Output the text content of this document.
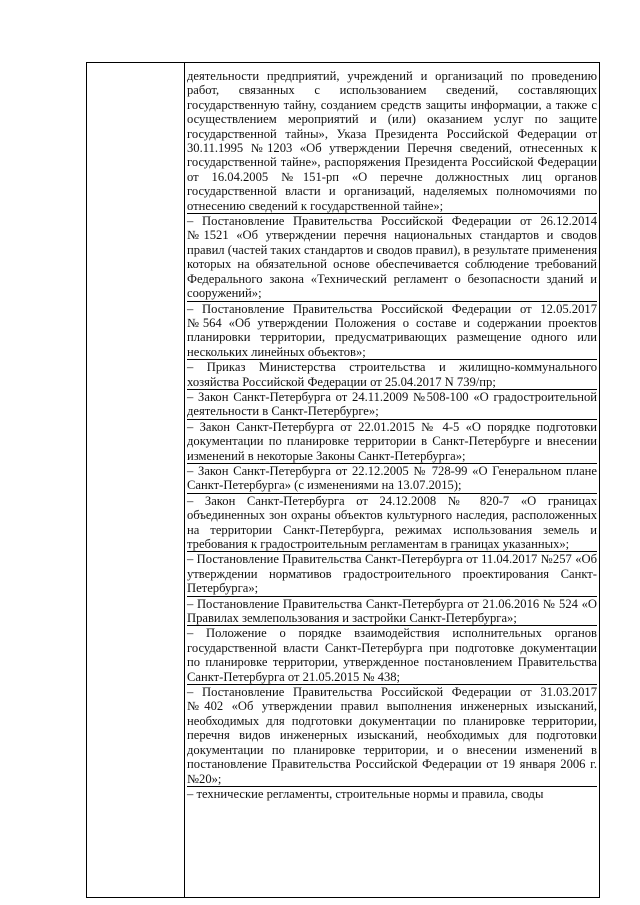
деятельности предприятий, учреждений и организаций по проведению работ, связанных с использованием сведений, составляющих государственную тайну, созданием средств защиты информации, а также с осуществлением мероприятий и (или) оказанием услуг по защите государственной тайны», Указа Президента Российской Федерации от 30.11.1995 №1203 «Об утверждении Перечня сведений, отнесенных к государственной тайне», распоряжения Президента Российской Федерации от 16.04.2005 №151-рп «О перечне должностных лиц органов государственной власти и организаций, наделяемых полномочиями по отнесению сведений к государственной тайне»;

– Постановление Правительства Российской Федерации от 26.12.2014 №1521 «Об утверждении перечня национальных стандартов и сводов правил (частей таких стандартов и сводов правил), в результате применения которых на обязательной основе обеспечивается соблюдение требований Федерального закона «Технический регламент о безопасности зданий и сооружений»;

– Постановление Правительства Российской Федерации от 12.05.2017 №564 «Об утверждении Положения о составе и содержании проектов планировки территории, предусматривающих размещение одного или нескольких линейных объектов»;

– Приказ Министерства строительства и жилищно-коммунального хозяйства Российской Федерации от 25.04.2017 N 739/пр;

– Закон Санкт-Петербурга от 24.11.2009 №508-100 «О градостроительной деятельности в Санкт-Петербурге»;

– Закон Санкт-Петербурга от 22.01.2015 № 4-5 «О порядке подготовки документации по планировке территории в Санкт-Петербурге и внесении изменений в некоторые Законы Санкт-Петербурга»;

– Закон Санкт-Петербурга от 22.12.2005 № 728-99 «О Генеральном плане Санкт-Петербурга» (с изменениями на 13.07.2015);

– Закон Санкт-Петербурга от 24.12.2008 № 820-7 «О границах объединенных зон охраны объектов культурного наследия, расположенных на территории Санкт-Петербурга, режимах использования земель и требования к градостроительным регламентам в границах указанных»;

– Постановление Правительства Санкт-Петербурга от 11.04.2017 №257 «Об утверждении нормативов градостроительного проектирования Санкт-Петербурга»;

– Постановление Правительства Санкт-Петербурга от 21.06.2016 № 524 «О Правилах землепользования и застройки Санкт-Петербурга»;

– Положение о порядке взаимодействия исполнительных органов государственной власти Санкт-Петербурга при подготовке документации по планировке территории, утвержденное постановлением Правительства Санкт-Петербурга от 21.05.2015 № 438;

– Постановление Правительства Российской Федерации от 31.03.2017 №402 «Об утверждении правил выполнения инженерных изысканий, необходимых для подготовки документации по планировке территории, перечня видов инженерных изысканий, необходимых для подготовки документации по планировке территории, и о внесении изменений в постановление Правительства Российской Федерации от 19 января 2006 г. №20»;

– технические регламенты, строительные нормы и правила, своды
